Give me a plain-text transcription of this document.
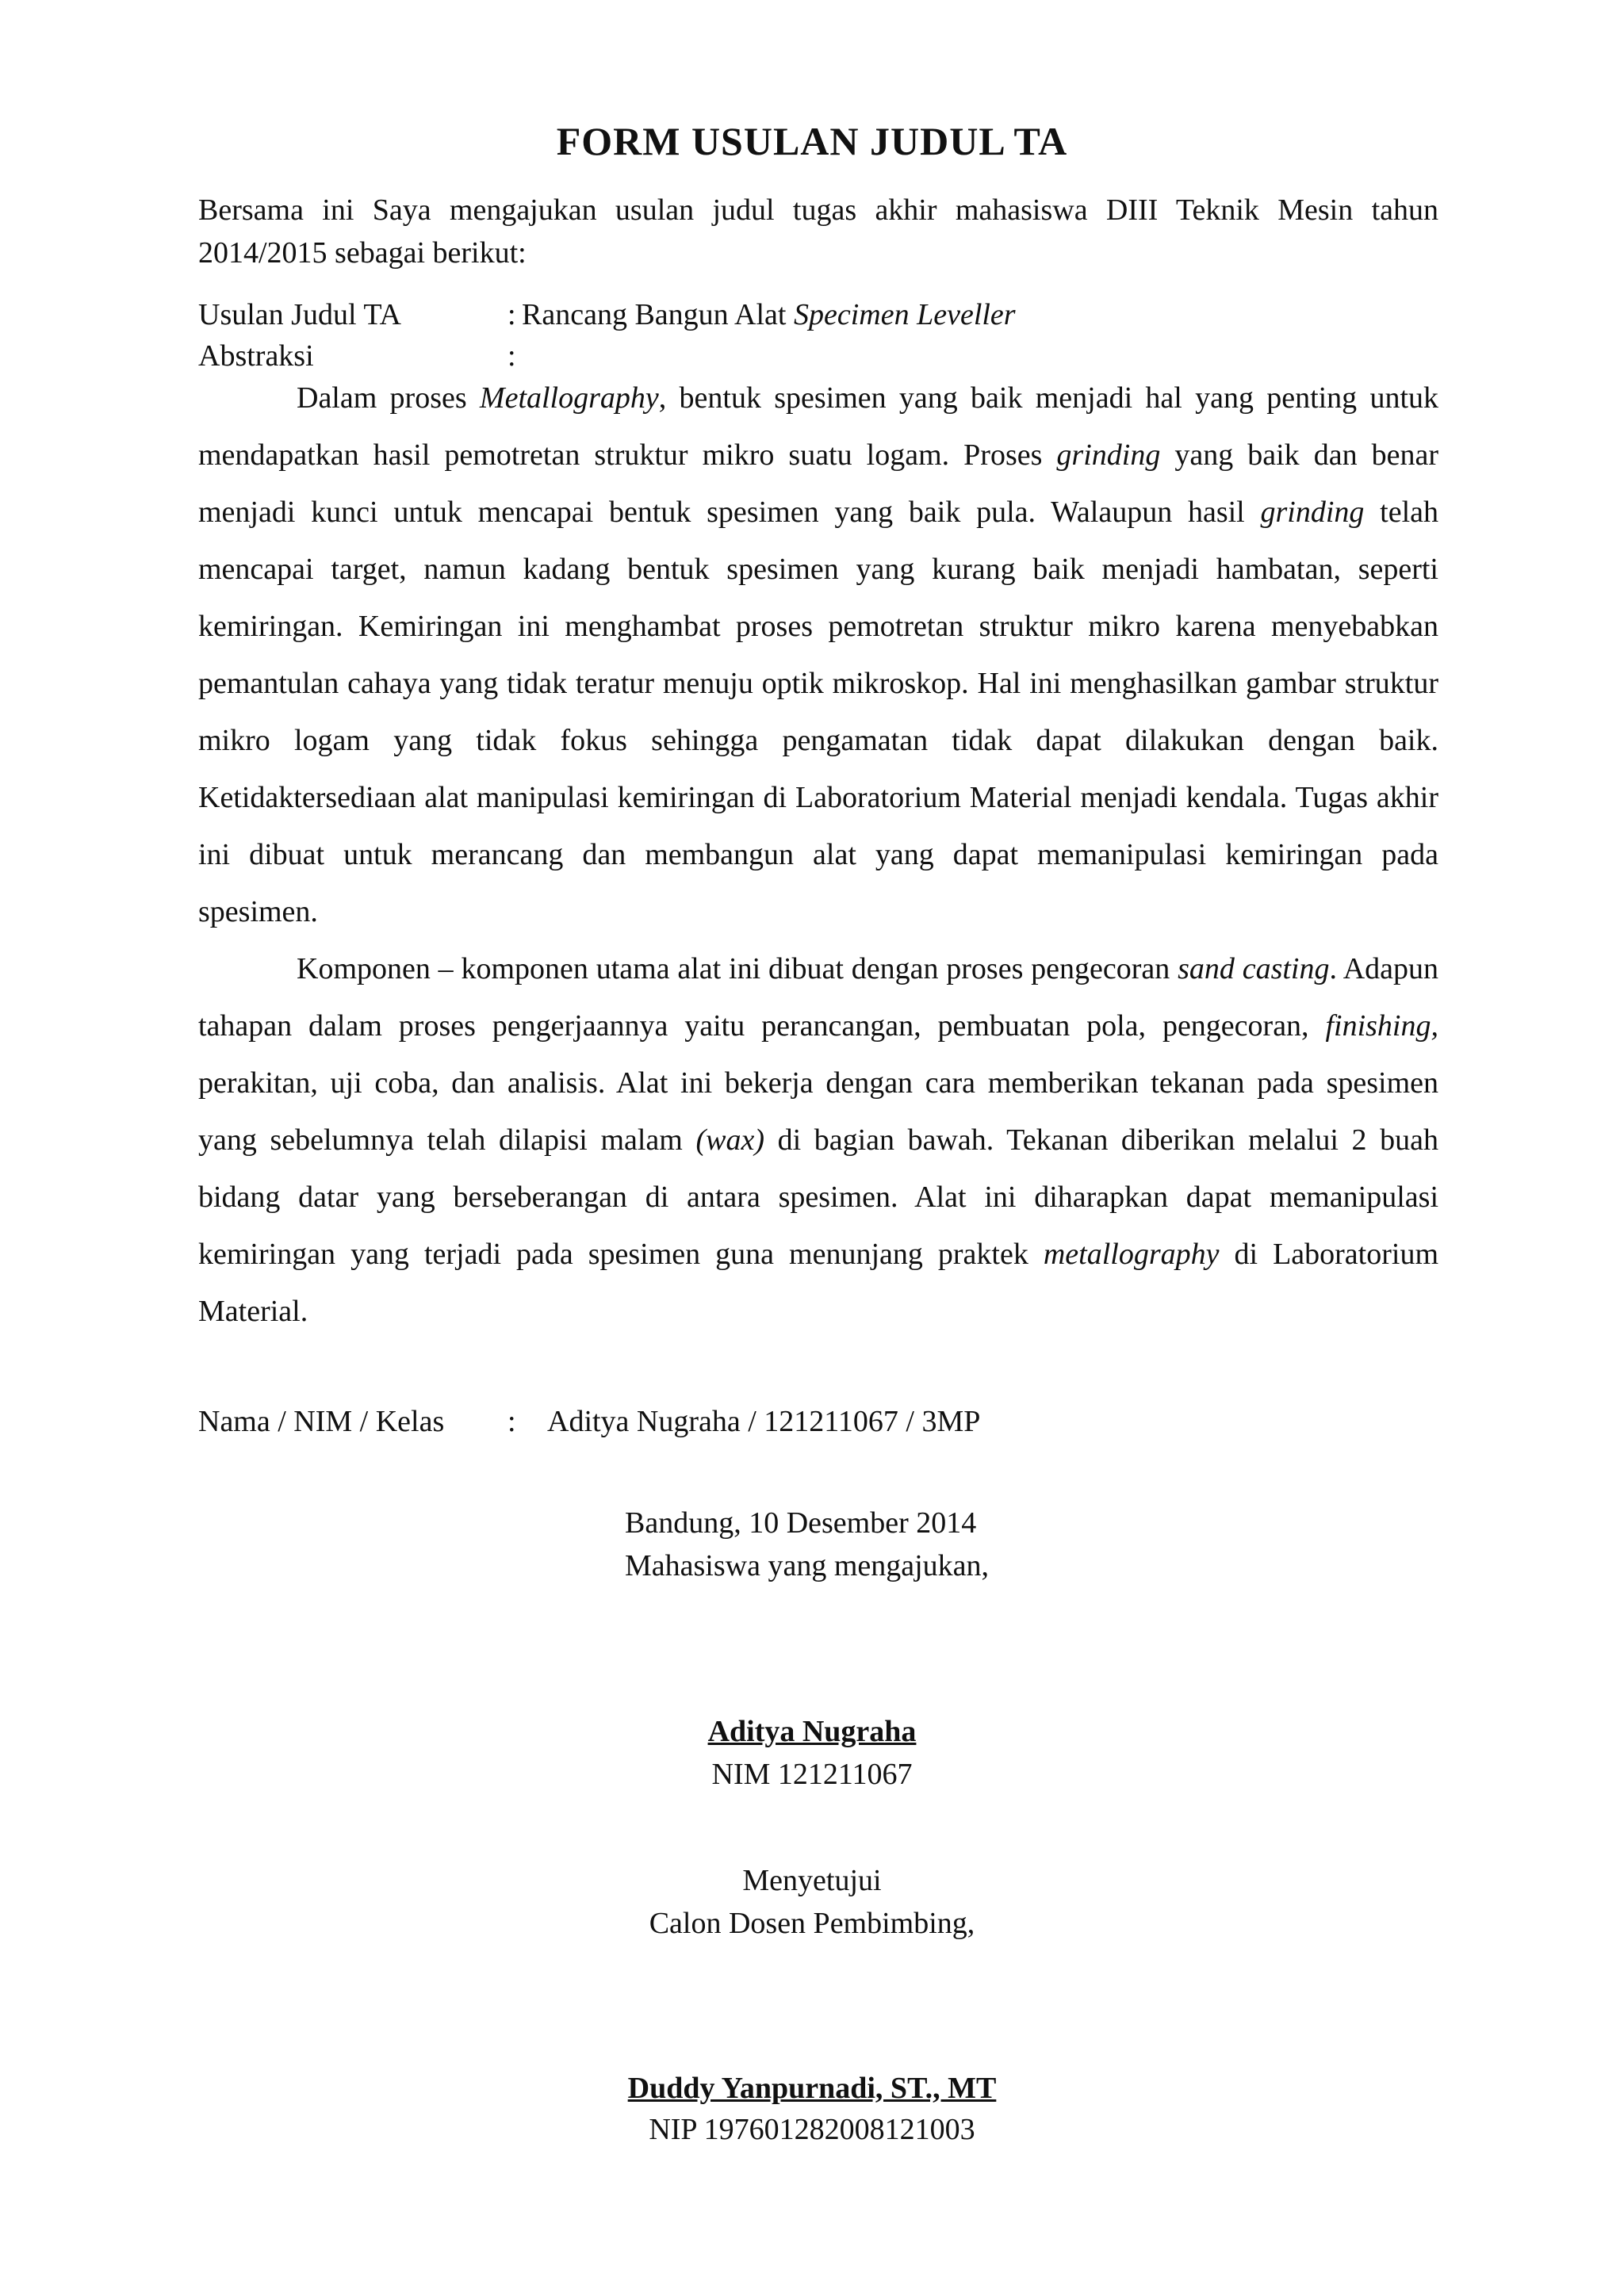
FORM USULAN JUDUL TA
Bersama ini Saya mengajukan usulan judul tugas akhir mahasiswa DIII Teknik Mesin tahun 2014/2015 sebagai berikut:
Usulan Judul TA	: Rancang Bangun Alat Specimen Leveller
Abstraksi	:

Dalam proses Metallography, bentuk spesimen yang baik menjadi hal yang penting untuk mendapatkan hasil pemotretan struktur mikro suatu logam. Proses grinding yang baik dan benar menjadi kunci untuk mencapai bentuk spesimen yang baik pula. Walaupun hasil grinding telah mencapai target, namun kadang bentuk spesimen yang kurang baik menjadi hambatan, seperti kemiringan. Kemiringan ini menghambat proses pemotretan struktur mikro karena menyebabkan pemantulan cahaya yang tidak teratur menuju optik mikroskop. Hal ini menghasilkan gambar struktur mikro logam yang tidak fokus sehingga pengamatan tidak dapat dilakukan dengan baik. Ketidaktersediaan alat manipulasi kemiringan di Laboratorium Material menjadi kendala. Tugas akhir ini dibuat untuk merancang dan membangun alat yang dapat memanipulasi kemiringan pada spesimen.

Komponen – komponen utama alat ini dibuat dengan proses pengecoran sand casting. Adapun tahapan dalam proses pengerjaannya yaitu perancangan, pembuatan pola, pengecoran, finishing, perakitan, uji coba, dan analisis. Alat ini bekerja dengan cara memberikan tekanan pada spesimen yang sebelumnya telah dilapisi malam (wax) di bagian bawah. Tekanan diberikan melalui 2 buah bidang datar yang berseberangan di antara spesimen. Alat ini diharapkan dapat memanipulasi kemiringan yang terjadi pada spesimen guna menunjang praktek metallography di Laboratorium Material.

Nama / NIM / Kelas : Aditya Nugraha / 121211067 / 3MP
Bandung, 10 Desember 2014
Mahasiswa yang mengajukan,
Aditya Nugraha
NIM 121211067
Menyetujui
Calon Dosen Pembimbing,
Duddy Yanpurnadi, ST., MT
NIP 197601282008121003
